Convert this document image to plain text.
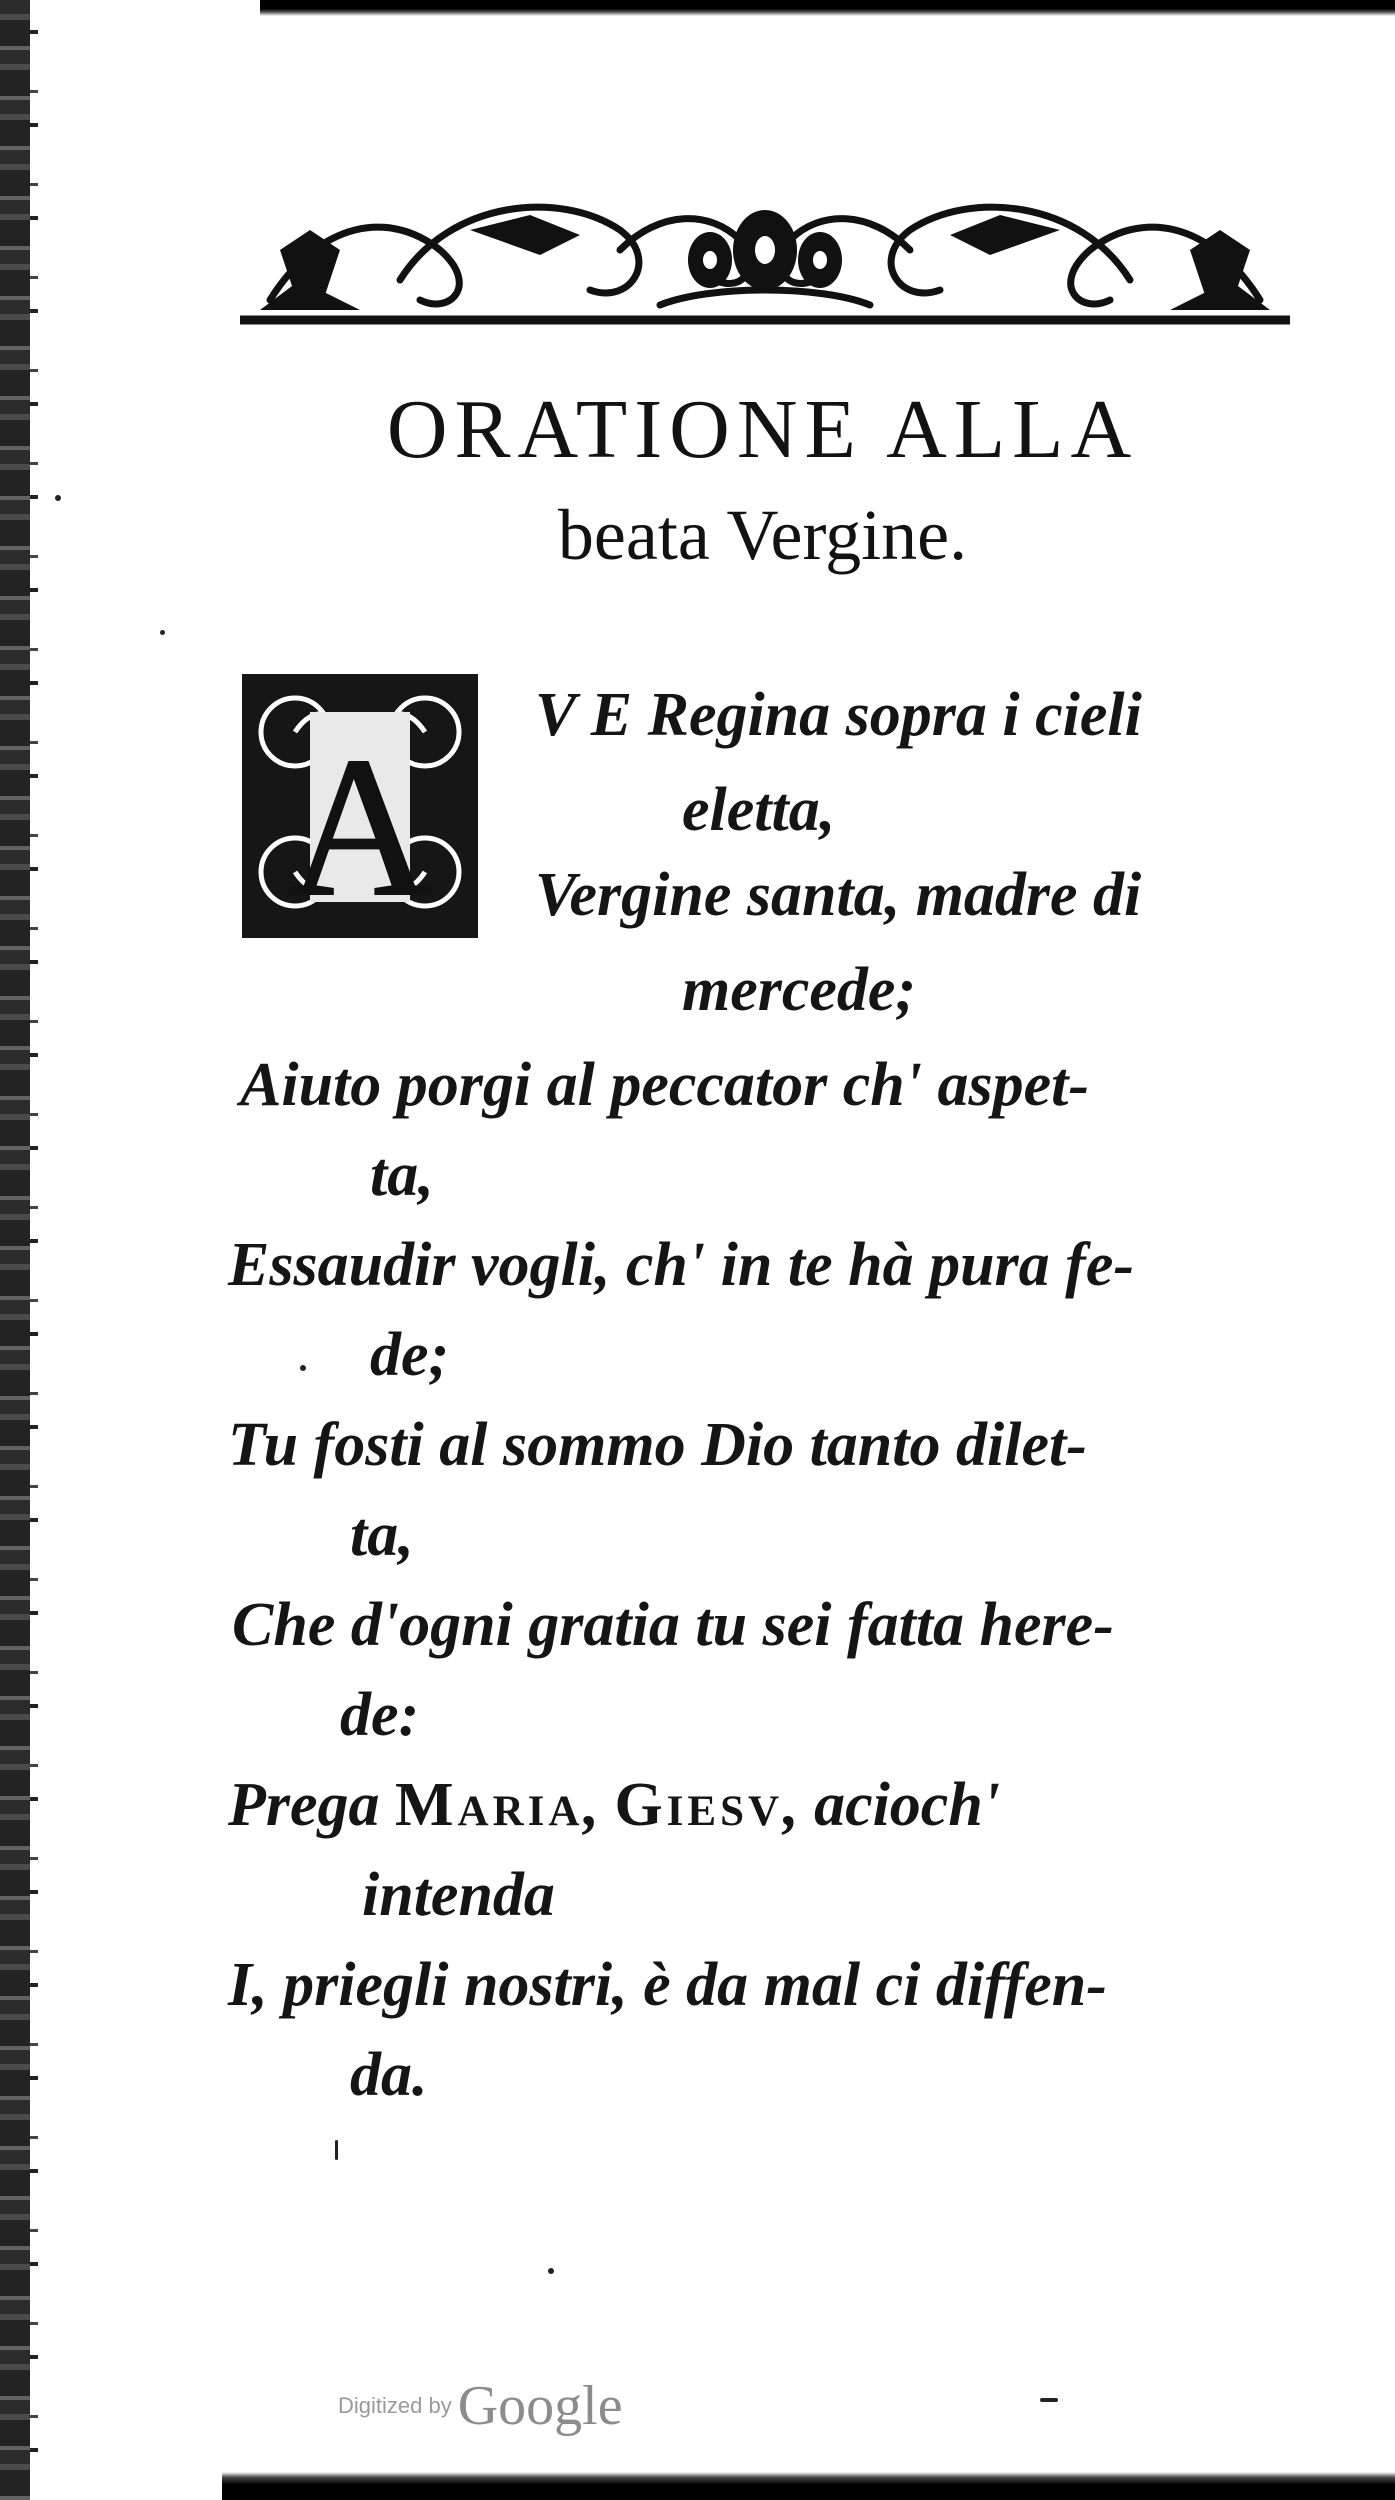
ORATIONE ALLA
beata Vergine.
A
V E Regina sopra i cieli
eletta,
Vergine santa, madre di
mercede;
Aiuto porgi al peccator ch' aspet-
ta,
Essaudir vogli, ch' in te hà pura fe-
de;
Tu fosti al sommo Dio tanto dilet-
ta,
Che d'ogni gratia tu sei fatta here-
de:
Prega Maria, Giesv, acioch'
intenda
I, priegli nostri, è da mal ci diffen-
da.
Digitized by Google
